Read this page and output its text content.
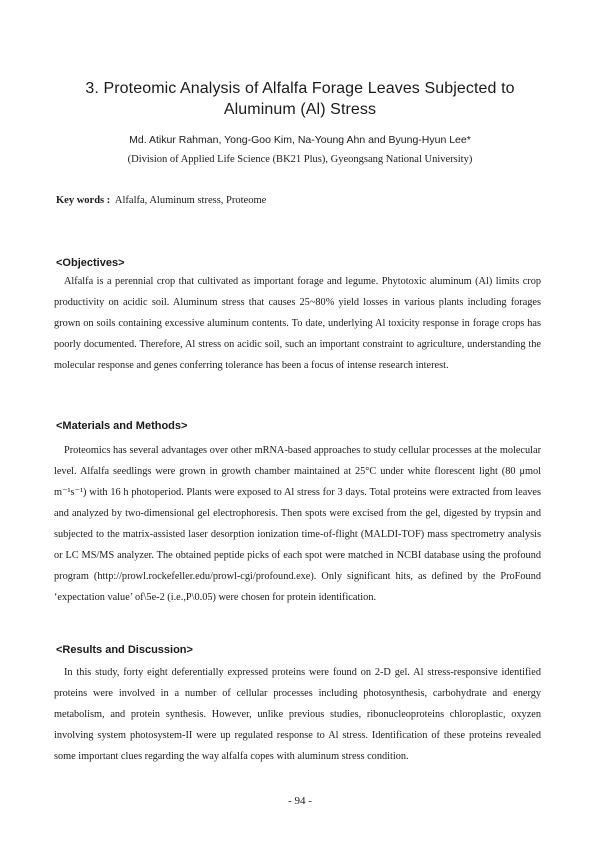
3. Proteomic Analysis of Alfalfa Forage Leaves Subjected to
Aluminum (Al) Stress
Md. Atikur Rahman, Yong-Goo Kim, Na-Young Ahn and Byung-Hyun Lee*
(Division of Applied Life Science (BK21 Plus), Gyeongsang National University)
Key words : Alfalfa, Aluminum stress, Proteome
<Objectives>
Alfalfa is a perennial crop that cultivated as important forage and legume. Phytotoxic aluminum (Al) limits crop productivity on acidic soil. Aluminum stress that causes 25~80% yield losses in various plants including forages grown on soils containing excessive aluminum contents. To date, underlying Al toxicity response in forage crops has poorly documented. Therefore, Al stress on acidic soil, such an important constraint to agriculture, understanding the molecular response and genes conferring tolerance has been a focus of intense research interest.
<Materials and Methods>
Proteomics has several advantages over other mRNA-based approaches to study cellular processes at the molecular level. Alfalfa seedlings were grown in growth chamber maintained at 25°C under white florescent light (80 μmol m⁻¹s⁻¹) with 16 h photoperiod. Plants were exposed to Al stress for 3 days. Total proteins were extracted from leaves and analyzed by two-dimensional gel electrophoresis. Then spots were excised from the gel, digested by trypsin and subjected to the matrix-assisted laser desorption ionization time-of-flight (MALDI-TOF) mass spectrometry analysis or LC MS/MS analyzer. The obtained peptide picks of each spot were matched in NCBI database using the profound program (http://prowl.rockefeller.edu/prowl-cgi/profound.exe). Only significant hits, as defined by the ProFound ‘expectation value’ of\5e-2 (i.e.,P\0.05) were chosen for protein identification.
<Results and Discussion>
In this study, forty eight deferentially expressed proteins were found on 2-D gel. Al stress-responsive identified proteins were involved in a number of cellular processes including photosynthesis, carbohydrate and energy metabolism, and protein synthesis. However, unlike previous studies, ribonucleoproteins chloroplastic, oxyzen involving system photosystem-II were up regulated response to Al stress. Identification of these proteins revealed some important clues regarding the way alfalfa copes with aluminum stress condition.
- 94 -
